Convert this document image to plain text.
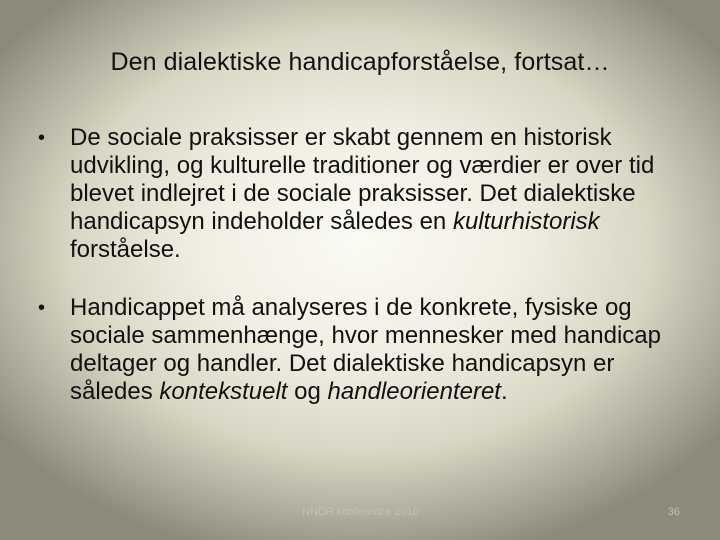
Den dialektiske handicapforståelse, fortsat…
•	De sociale praksisser er skabt gennem en historisk udvikling, og kulturelle traditioner og værdier er over tid blevet indlejret i de sociale praksisser. Det dialektiske handicapsyn indeholder således en kulturhistorisk forståelse.
•	Handicappet må analyseres i de konkrete, fysiske og sociale sammenhænge, hvor mennesker med handicap deltager og handler. Det dialektiske handicapsyn er således kontekstuelt og handleorienteret.
NNDR konference 2010	36
